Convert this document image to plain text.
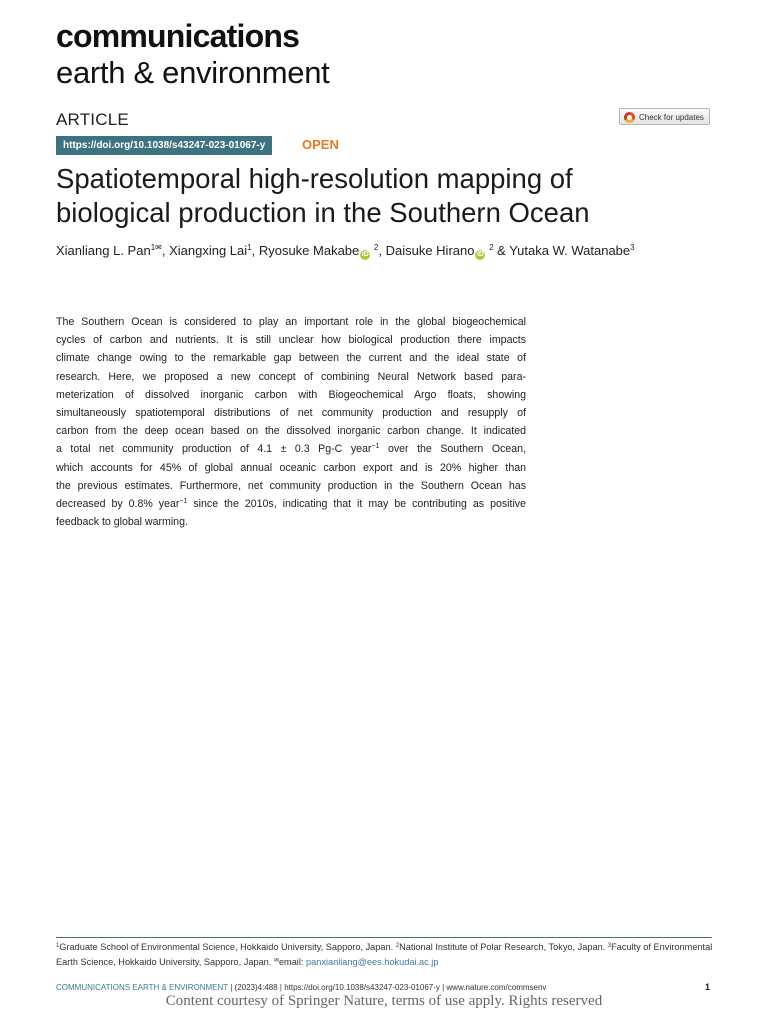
communications
earth & environment
ARTICLE	Check for updates
https://doi.org/10.1038/s43247-023-01067-y	OPEN
Spatiotemporal high-resolution mapping of
biological production in the Southern Ocean
Xianliang L. Pan$^{1✉}$, Xiangxing Lai$^1$, Ryosuke Makabe iD $^2$, Daisuke Hirano iD $^2$ & Yutaka W. Watanabe$^3$
The Southern Ocean is considered to play an important role in the global biogeochemical
cycles of carbon and nutrients. It is still unclear how biological production there impacts
climate change owing to the remarkable gap between the current and the ideal state of
research. Here, we proposed a new concept of combining Neural Network based para-
meterization of dissolved inorganic carbon with Biogeochemical Argo floats, showing
simultaneously spatiotemporal distributions of net community production and resupply of
carbon from the deep ocean based on the dissolved inorganic carbon change. It indicated
a total net community production of 4.1 ± 0.3 Pg-C year$^{-1}$ over the Southern Ocean,
which accounts for 45% of global annual oceanic carbon export and is 20% higher than
the previous estimates. Furthermore, net community production in the Southern Ocean has
decreased by 0.8% year$^{-1}$ since the 2010s, indicating that it may be contributing as positive
feedback to global warming.
$^1$Graduate School of Environmental Science, Hokkaido University, Sapporo, Japan. $^2$National Institute of Polar Research, Tokyo, Japan. $^3$Faculty of Environmental
Earth Science, Hokkaido University, Sapporo, Japan. ✉email: panxianliang@ees.hokudai.ac.jp
COMMUNICATIONS EARTH & ENVIRONMENT | (2023)4:488 | https://doi.org/10.1038/s43247-023-01067-y | www.nature.com/commsenv	1
Content courtesy of Springer Nature, terms of use apply. Rights reserved
